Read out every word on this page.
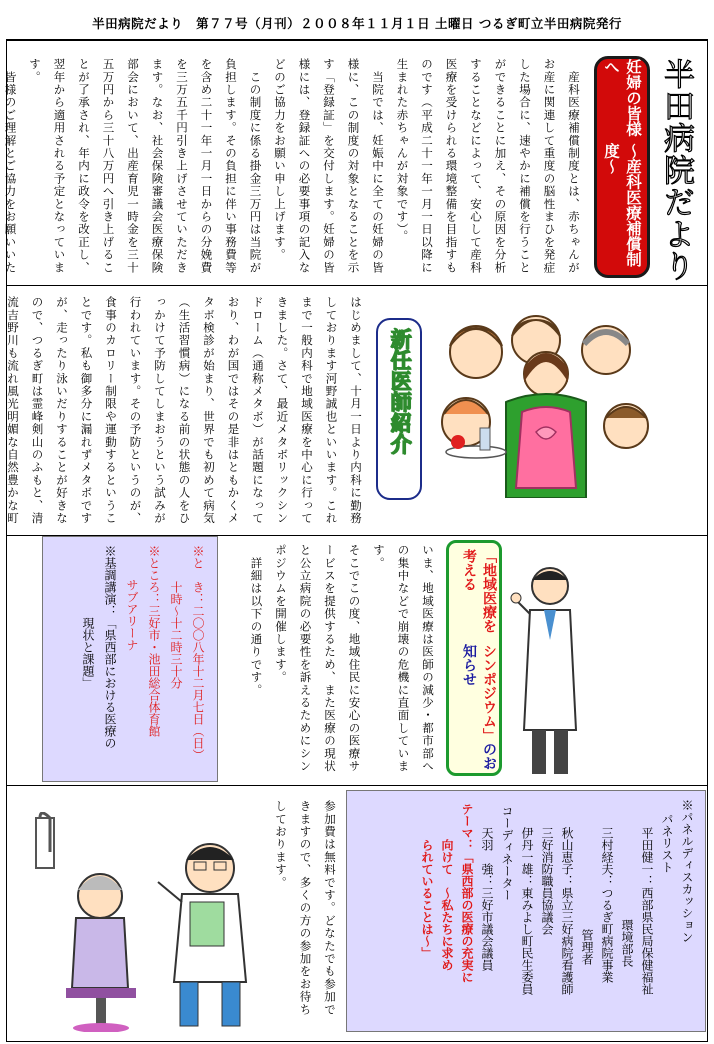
半田病院だより　第７７号（月刊）２００８年１１月１日 土曜日 つるぎ町立半田病院発行
半田病院だより
妊婦の皆様へ
〜産科医療補償制度〜
　産科医療補償制度とは、赤ちゃんがお産に関連して重度の脳性まひを発症した場合に、速やかに補償を行うことができることに加え、その原因を分析することなどによって、安心して産科医療を受けられる環境整備を目指すものです（平成二十一年一月一日以降に生まれた赤ちゃんが対象です）。
　当院では、妊娠中に全ての妊婦の皆様に、この制度の対象となることを示す「登録証」を交付します。妊婦の皆様には、登録証への必要事項の記入などのご協力をお願い申し上げます。
　この制度に係る掛金三万円は当院が負担します。その負担に伴い事務費等を含め二十一年一月一日からの分娩費を三万五千円引き上げさせていただきます。なお、社会保険審議会医療保険部会において、出産育児一時金を三十五万円から三十八万円へ引き上げることが了承され、年内に政令を改正し、翌年から適用される予定となっています。
　皆様のご理解とご協力をお願いいた
新任医師紹介
はじめまして、十月一日より内科に勤務しております河野誠也といいます。これまで一般内科で地域医療を中心に行ってきました。さて、最近メタボリックシンドローム（通称メタボ）が話題になっており、わが国ではその是非はともかくメタボ検診が始まり、世界でも初めて病気（生活習慣病）になる前の状態の人をひっかけて予防してしまおうという試みが行われています。その予防というのが、食事のカロリー制限や運動するということです。私も御多分に漏れずメタボですが、走ったり泳いだりすることが好きなので、つるぎ町は霊峰剣山のふもと、清流吉野川も流れ風光明媚な自然豊かな町
「地域医療を考える
シンポジウム」のお知らせ
いま、地域医療は医師の減少・都市部への集中などで崩壊の危機に直面しています。
そこでこの度、地域住民に安心の医療サービスを提供するため、また医療の現状と公立病院の必要性を訴えるためにシンポジウムを開催します。
　詳細は以下の通りです。
※と　き：二〇〇八年十二月七日（日）
十時〜十二時三十分
※ところ：三好市・池田総合体育館
サブアリーナ
※基調講演：「県西部における医療の
現状と課題」
※パネルディスカッション
パネリスト
平田健一：西部県民局保健福祉
環境部長
三村経夫：つるぎ町病院事業
管理者
秋山恵子：県立三好病院看護師
三好消防職員協議会
伊丹一雄：東みよし町民生委員
コーディネーター
天羽　強：三好市議会議員
テーマ：「県西部の医療の充実に
向けて　〜私たちに求め
られていることは〜」
参加費は無料です。どなたでも参加できますので、多くの方の参加をお待ちしております。
